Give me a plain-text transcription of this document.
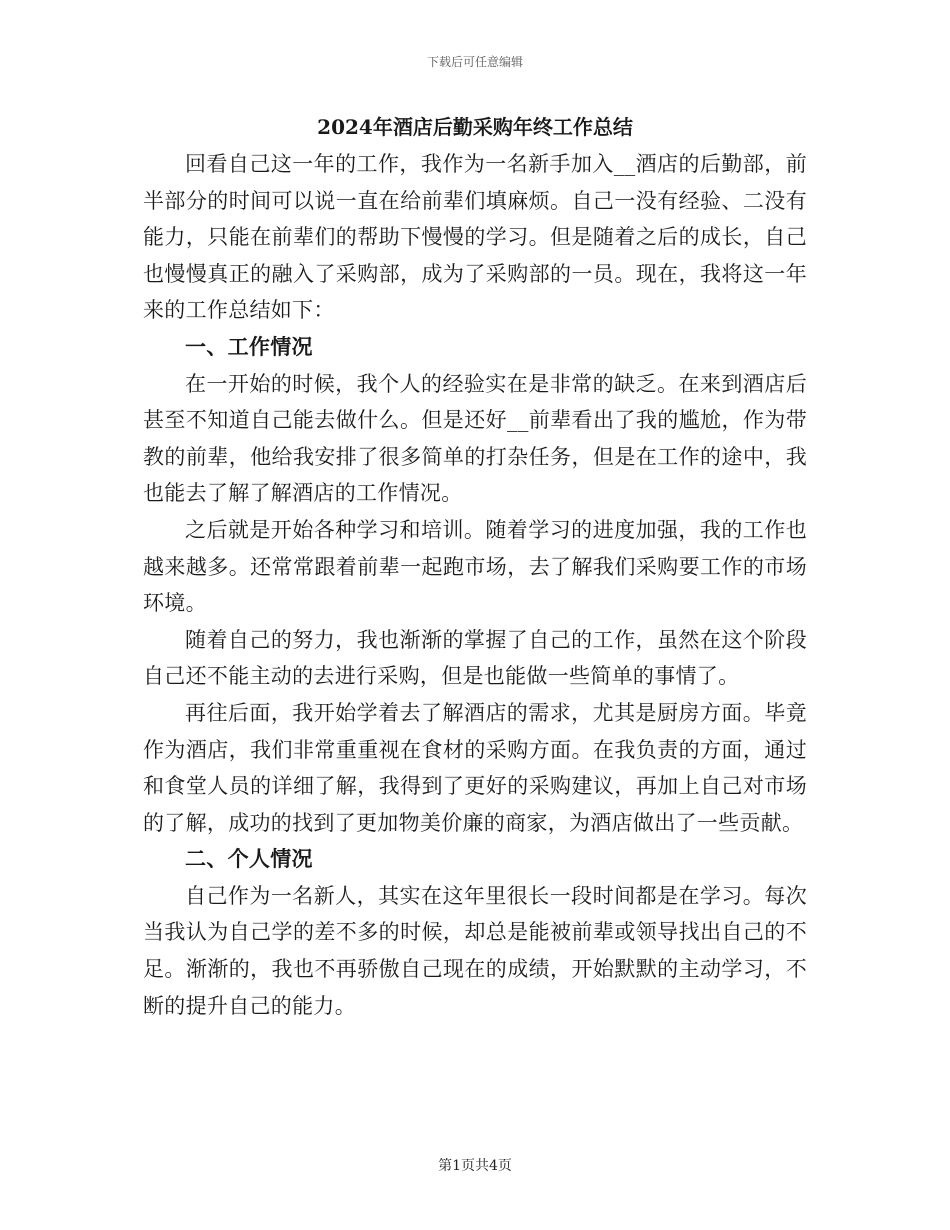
下载后可任意编辑
2024年酒店后勤采购年终工作总结

回看自己这一年的工作，我作为一名新手加入__酒店的后勤部，前半部分的时间可以说一直在给前辈们填麻烦。自己一没有经验、二没有能力，只能在前辈们的帮助下慢慢的学习。但是随着之后的成长，自己也慢慢真正的融入了采购部，成为了采购部的一员。现在，我将这一年来的工作总结如下：

一、工作情况

在一开始的时候，我个人的经验实在是非常的缺乏。在来到酒店后甚至不知道自己能去做什么。但是还好__前辈看出了我的尴尬，作为带教的前辈，他给我安排了很多简单的打杂任务，但是在工作的途中，我也能去了解了解酒店的工作情况。

之后就是开始各种学习和培训。随着学习的进度加强，我的工作也越来越多。还常常跟着前辈一起跑市场，去了解我们采购要工作的市场环境。

随着自己的努力，我也渐渐的掌握了自己的工作，虽然在这个阶段自己还不能主动的去进行采购，但是也能做一些简单的事情了。

再往后面，我开始学着去了解酒店的需求，尤其是厨房方面。毕竟作为酒店，我们非常重重视在食材的采购方面。在我负责的方面，通过和食堂人员的详细了解，我得到了更好的采购建议，再加上自己对市场的了解，成功的找到了更加物美价廉的商家，为酒店做出了一些贡献。

二、个人情况

自己作为一名新人，其实在这年里很长一段时间都是在学习。每次当我认为自己学的差不多的时候，却总是能被前辈或领导找出自己的不足。渐渐的，我也不再骄傲自己现在的成绩，开始默默的主动学习，不断的提升自己的能力。

第1页共4页
